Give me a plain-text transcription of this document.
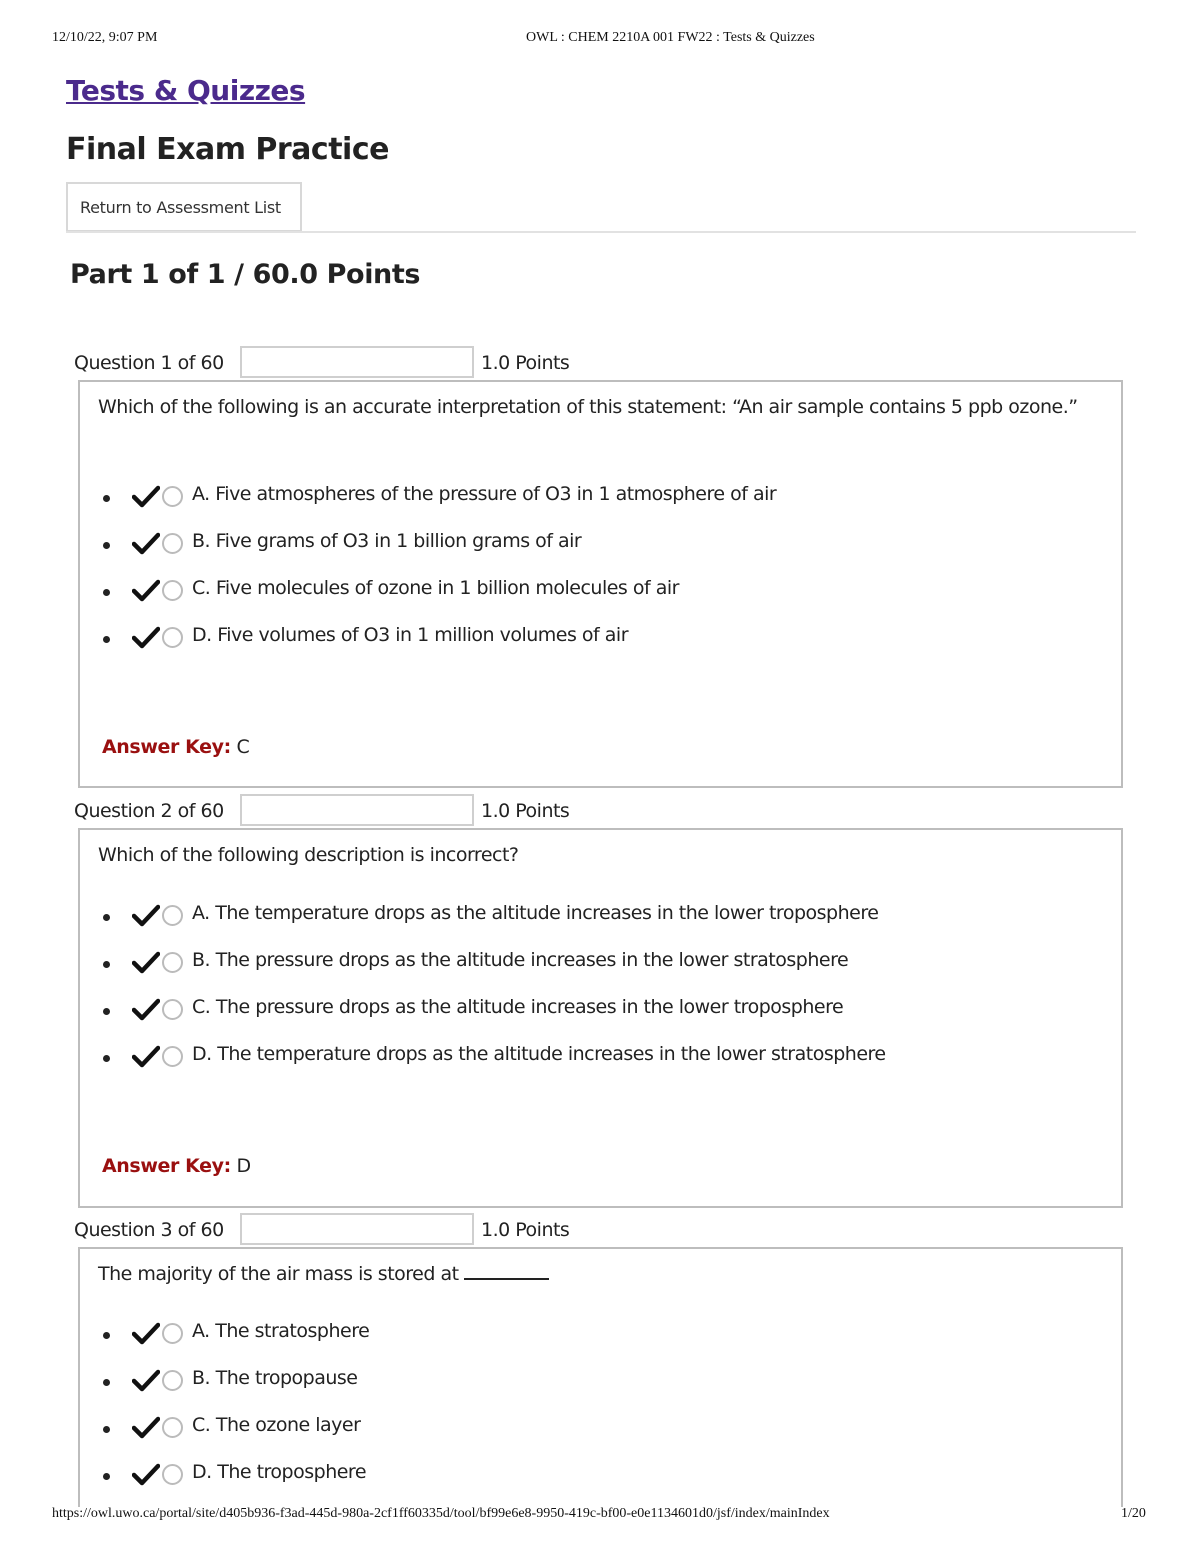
12/10/22, 9:07 PM	OWL : CHEM 2210A 001 FW22 : Tests & Quizzes
Tests & Quizzes
Final Exam Practice
Return to Assessment List
Part 1 of 1 / 60.0 Points
Question 1 of 60	1.0 Points
Which of the following is an accurate interpretation of this statement: “An air sample contains 5 ppb ozone.”
A. Five atmospheres of the pressure of O3 in 1 atmosphere of air
B. Five grams of O3 in 1 billion grams of air
C. Five molecules of ozone in 1 billion molecules of air
D. Five volumes of O3 in 1 million volumes of air
Answer Key: C
Question 2 of 60	1.0 Points
Which of the following description is incorrect?
A. The temperature drops as the altitude increases in the lower troposphere
B. The pressure drops as the altitude increases in the lower stratosphere
C. The pressure drops as the altitude increases in the lower troposphere
D. The temperature drops as the altitude increases in the lower stratosphere
Answer Key: D
Question 3 of 60	1.0 Points
The majority of the air mass is stored at
A. The stratosphere
B. The tropopause
C. The ozone layer
D. The troposphere
https://owl.uwo.ca/portal/site/d405b936-f3ad-445d-980a-2cf1ff60335d/tool/bf99e6e8-9950-419c-bf00-e0e1134601d0/jsf/index/mainIndex	1/20
